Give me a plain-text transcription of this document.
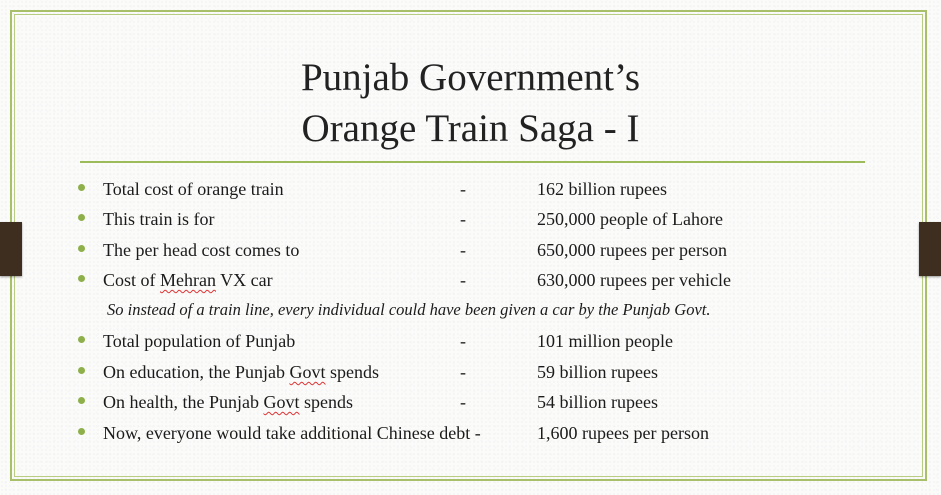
Punjab Government’s
Orange Train Saga - I
Total cost of orange train	-	162 billion rupees
This train is for	-	250,000 people of Lahore
The per head cost comes to	-	650,000 rupees per person
Cost of Mehran VX car	-	630,000 rupees per vehicle
So instead of a train line, every individual could have been given a car by the Punjab Govt.
Total population of Punjab	-	101 million people
On education, the Punjab Govt spends	-	59 billion rupees
On health, the Punjab Govt spends	-	54 billion rupees
Now, everyone would take additional Chinese debt -	1,600 rupees per person
